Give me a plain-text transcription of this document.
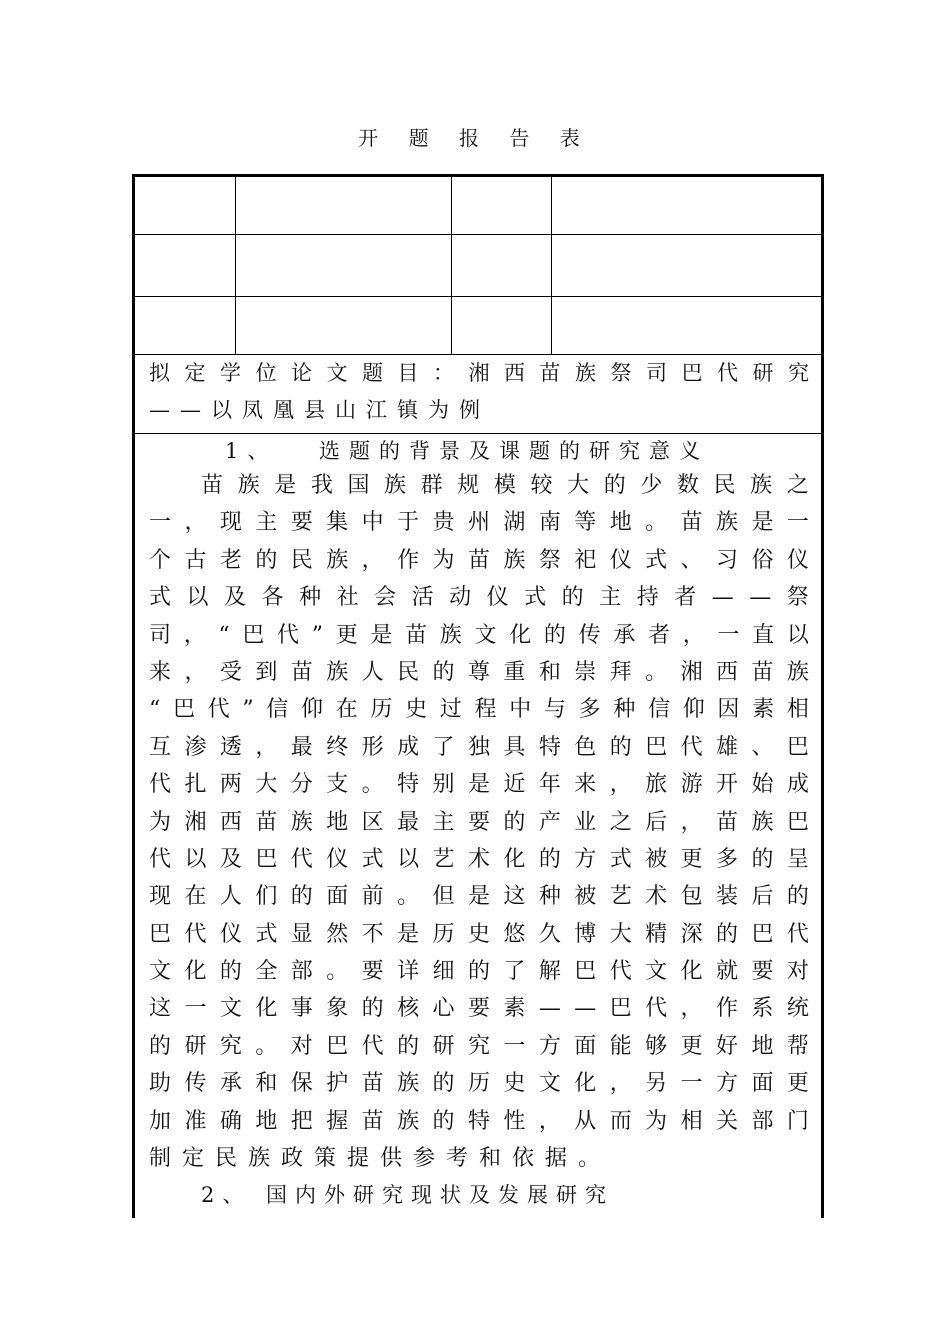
开 题 报 告 表
拟 定 学 位 论 文 题 目 ： 湘 西 苗 族 祭 司 巴 代 研 究
——以凤凰县山江镇为例
1、 选题的背景及课题的研究意义
苗 族 是 我 国 族 群 规 模 较 大 的 少 数 民 族 之
一 ， 现 主 要 集 中 于 贵 州 湖 南 等 地 。 苗 族 是 一
个 古 老 的 民 族 ， 作 为 苗 族 祭 祀 仪 式 、 习 俗 仪
式 以 及 各 种 社 会 活 动 仪 式 的 主 持 者 — — 祭
司 ， “ 巴 代 ” 更 是 苗 族 文 化 的 传 承 者 ， 一 直 以
来 ， 受 到 苗 族 人 民 的 尊 重 和 崇 拜 。 湘 西 苗 族
“ 巴 代 ” 信 仰 在 历 史 过 程 中 与 多 种 信 仰 因 素 相
互 渗 透 ， 最 终 形 成 了 独 具 特 色 的 巴 代 雄 、 巴
代 扎 两 大 分 支 。 特 别 是 近 年 来 ， 旅 游 开 始 成
为 湘 西 苗 族 地 区 最 主 要 的 产 业 之 后 ， 苗 族 巴
代 以 及 巴 代 仪 式 以 艺 术 化 的 方 式 被 更 多 的 呈
现 在 人 们 的 面 前 。 但 是 这 种 被 艺 术 包 装 后 的
巴 代 仪 式 显 然 不 是 历 史 悠 久 博 大 精 深 的 巴 代
文 化 的 全 部 。 要 详 细 的 了 解 巴 代 文 化 就 要 对
这 一 文 化 事 象 的 核 心 要 素 — — 巴 代 ， 作 系 统
的 研 究 。 对 巴 代 的 研 究 一 方 面 能 够 更 好 地 帮
助 传 承 和 保 护 苗 族 的 历 史 文 化 ， 另 一 方 面 更
加 准 确 地 把 握 苗 族 的 特 性 ， 从 而 为 相 关 部 门
制定民族政策提供参考和依据。
2、 国内外研究现状及发展研究
